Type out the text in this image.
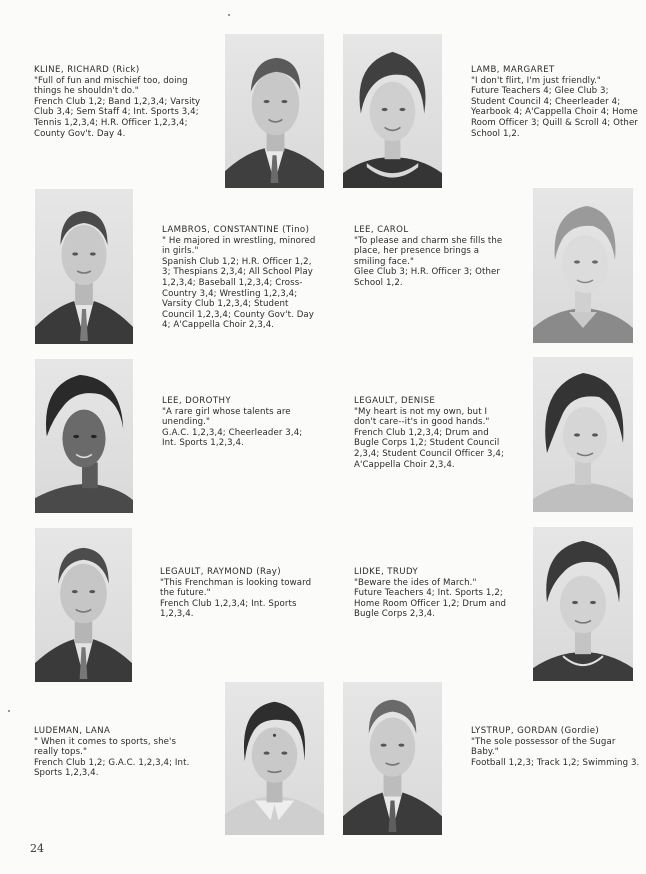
KLINE, RICHARD (Rick)
"Full of fun and mischief too, doing things he shouldn't do."
French Club 1,2; Band 1,2,3,4; Varsity Club 3,4; Sem Staff 4; Int. Sports 3,4; Tennis 1,2,3,4; H.R. Officer 1,2,3,4; County Gov't. Day 4.
LAMB, MARGARET
"I don't flirt, I'm just friendly."
Future Teachers 4; Glee Club 3; Student Council 4; Cheerleader 4; Yearbook 4; A'Cappella Choir 4; Home Room Officer 3; Quill & Scroll 4; Other School 1,2.
LAMBROS, CONSTANTINE (Tino)
" He majored in wrestling, minored in girls."
Spanish Club 1,2; H.R. Officer 1,2, 3; Thespians 2,3,4; All School Play 1,2,3,4; Baseball 1,2,3,4; Cross-Country 3,4; Wrestling 1,2,3,4; Varsity Club 1,2,3,4; Student Council 1,2,3,4; County Gov't. Day 4; A'Cappella Choir 2,3,4.
LEE, CAROL
"To please and charm she fills the place, her presence brings a smiling face."
Glee Club 3; H.R. Officer 3; Other School 1,2.
LEE, DOROTHY
"A rare girl whose talents are unending."
G.A.C. 1,2,3,4; Cheerleader 3,4; Int. Sports 1,2,3,4.
LEGAULT, DENISE
"My heart is not my own, but I don't care--it's in good hands."
French Club 1,2,3,4; Drum and Bugle Corps 1,2; Student Council 2,3,4; Student Council Officer 3,4; A'Cappella Choir 2,3,4.
LEGAULT, RAYMOND (Ray)
"This Frenchman is looking toward the future."
French Club 1,2,3,4; Int. Sports 1,2,3,4.
LIDKE, TRUDY
"Beware the ides of March."
Future Teachers 4; Int. Sports 1,2; Home Room Officer 1,2; Drum and Bugle Corps 2,3,4.
LUDEMAN, LANA
" When it comes to sports, she's really tops."
French Club 1,2; G.A.C. 1,2,3,4; Int. Sports 1,2,3,4.
LYSTRUP, GORDAN (Gordie)
"The sole possessor of the Sugar Baby."
Football 1,2,3; Track 1,2; Swimming 3.
24
